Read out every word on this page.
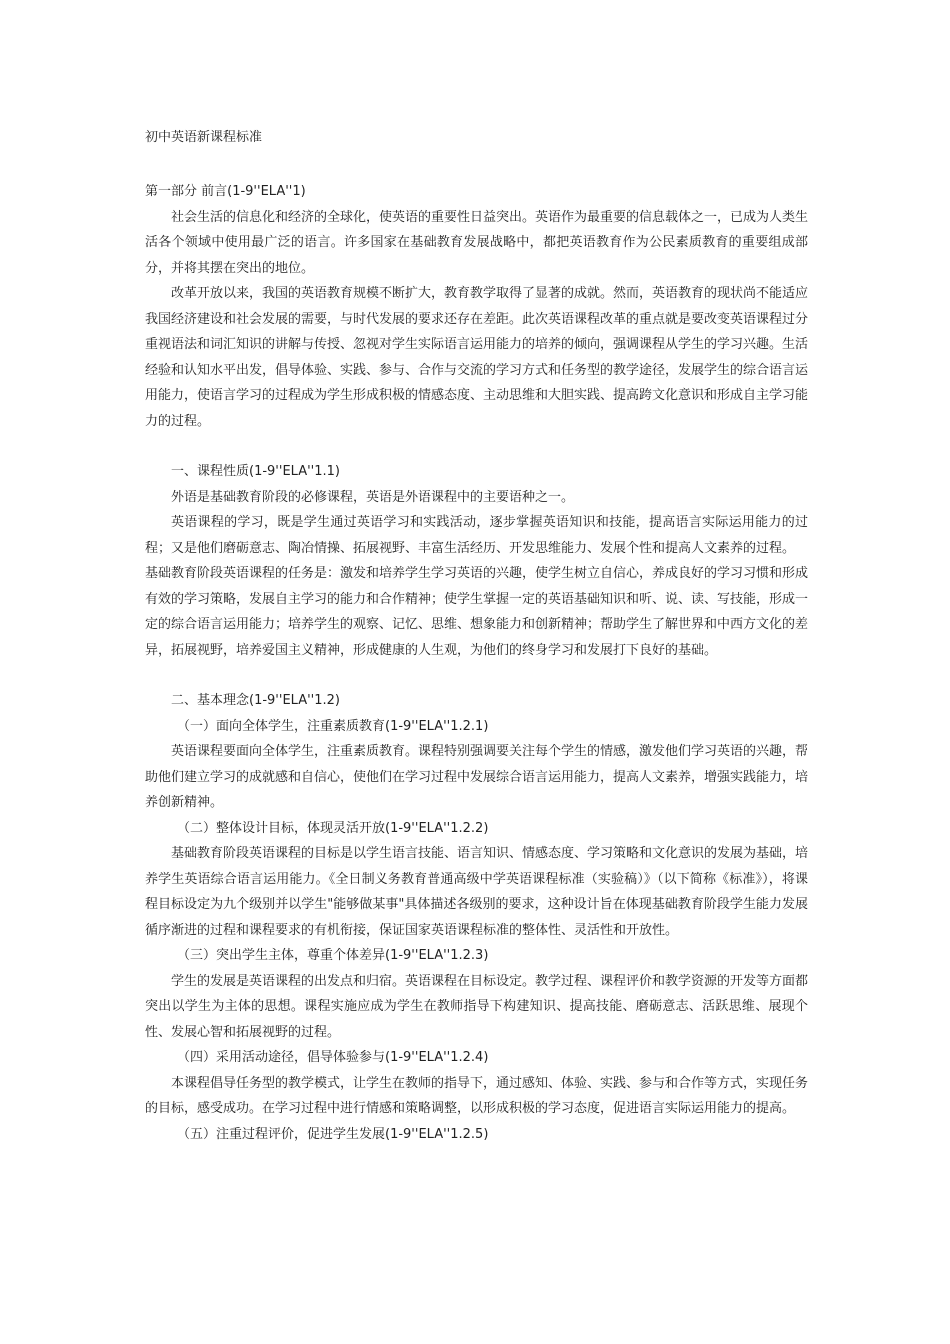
初中英语新课程标准

第一部分 前言(1-9''ELA''1)

社会生活的信息化和经济的全球化，使英语的重要性日益突出。英语作为最重要的信息载体之一，已成为人类生活各个领域中使用最广泛的语言。许多国家在基础教育发展战略中，都把英语教育作为公民素质教育的重要组成部分，并将其摆在突出的地位。

改革开放以来，我国的英语教育规模不断扩大，教育教学取得了显著的成就。然而，英语教育的现状尚不能适应我国经济建设和社会发展的需要，与时代发展的要求还存在差距。此次英语课程改革的重点就是要改变英语课程过分重视语法和词汇知识的讲解与传授、忽视对学生实际语言运用能力的培养的倾向，强调课程从学生的学习兴趣。生活经验和认知水平出发，倡导体验、实践、参与、合作与交流的学习方式和任务型的教学途径，发展学生的综合语言运用能力，使语言学习的过程成为学生形成积极的情感态度、主动思维和大胆实践、提高跨文化意识和形成自主学习能力的过程。

一、课程性质(1-9''ELA''1.1)

外语是基础教育阶段的必修课程，英语是外语课程中的主要语种之一。

英语课程的学习，既是学生通过英语学习和实践活动，逐步掌握英语知识和技能，提高语言实际运用能力的过程；又是他们磨砺意志、陶冶情操、拓展视野、丰富生活经历、开发思维能力、发展个性和提高人文素养的过程。

基础教育阶段英语课程的任务是：激发和培养学生学习英语的兴趣，使学生树立自信心，养成良好的学习习惯和形成有效的学习策略，发展自主学习的能力和合作精神；使学生掌握一定的英语基础知识和听、说、读、写技能，形成一定的综合语言运用能力；培养学生的观察、记忆、思维、想象能力和创新精神；帮助学生了解世界和中西方文化的差异，拓展视野，培养爱国主义精神，形成健康的人生观，为他们的终身学习和发展打下良好的基础。

二、基本理念(1-9''ELA''1.2)

（一）面向全体学生，注重素质教育(1-9''ELA''1.2.1)

英语课程要面向全体学生，注重素质教育。课程特别强调要关注每个学生的情感，激发他们学习英语的兴趣，帮助他们建立学习的成就感和自信心，使他们在学习过程中发展综合语言运用能力，提高人文素养，增强实践能力，培养创新精神。

（二）整体设计目标，体现灵活开放(1-9''ELA''1.2.2)

基础教育阶段英语课程的目标是以学生语言技能、语言知识、情感态度、学习策略和文化意识的发展为基础，培养学生英语综合语言运用能力。《全日制义务教育普通高级中学英语课程标准（实验稿）》（以下简称《标准》），将课程目标设定为九个级别并以学生"能够做某事"具体描述各级别的要求，这种设计旨在体现基础教育阶段学生能力发展循序渐进的过程和课程要求的有机衔接，保证国家英语课程标准的整体性、灵活性和开放性。

（三）突出学生主体，尊重个体差异(1-9''ELA''1.2.3)

学生的发展是英语课程的出发点和归宿。英语课程在目标设定。教学过程、课程评价和教学资源的开发等方面都突出以学生为主体的思想。课程实施应成为学生在教师指导下构建知识、提高技能、磨砺意志、活跃思维、展现个性、发展心智和拓展视野的过程。

（四）采用活动途径，倡导体验参与(1-9''ELA''1.2.4)

本课程倡导任务型的教学模式，让学生在教师的指导下，通过感知、体验、实践、参与和合作等方式，实现任务的目标，感受成功。在学习过程中进行情感和策略调整，以形成积极的学习态度，促进语言实际运用能力的提高。

（五）注重过程评价，促进学生发展(1-9''ELA''1.2.5)
